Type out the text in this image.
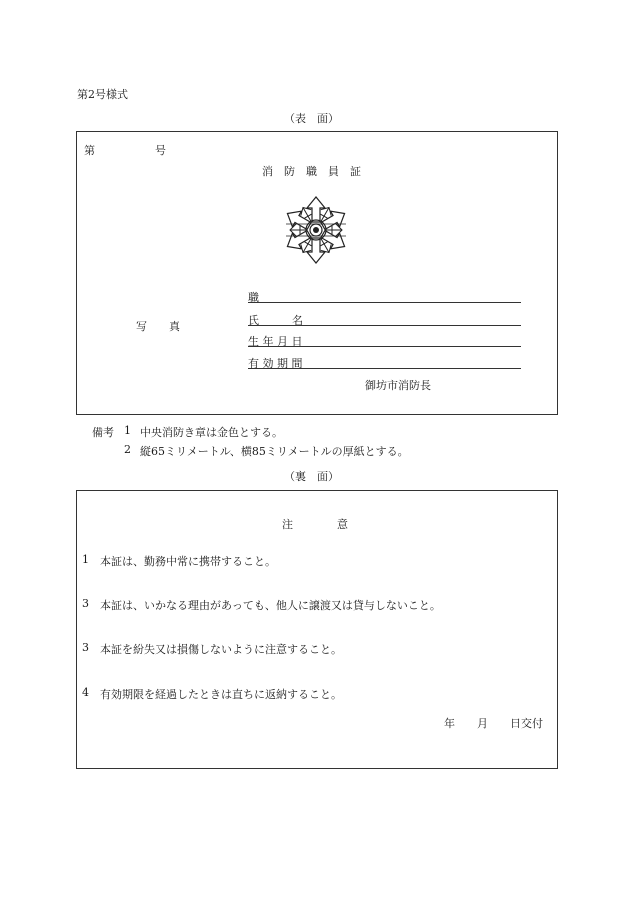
第2号様式
（表　面）
第	号
消　防　職　員　証
写　　真
職
氏　　　名
生 年 月 日
有 効 期 間
御坊市消防長
備考 1 中央消防き章は金色とする。
2 縦65ミリメートル、横85ミリメートルの厚紙とする。
（裏　面）
注　　　　意
1 本証は、勤務中常に携帯すること。
3 本証は、いかなる理由があっても、他人に譲渡又は貸与しないこと。
3 本証を紛失又は損傷しないように注意すること。
4 有効期限を経過したときは直ちに返納すること。
年　　月　　日交付
